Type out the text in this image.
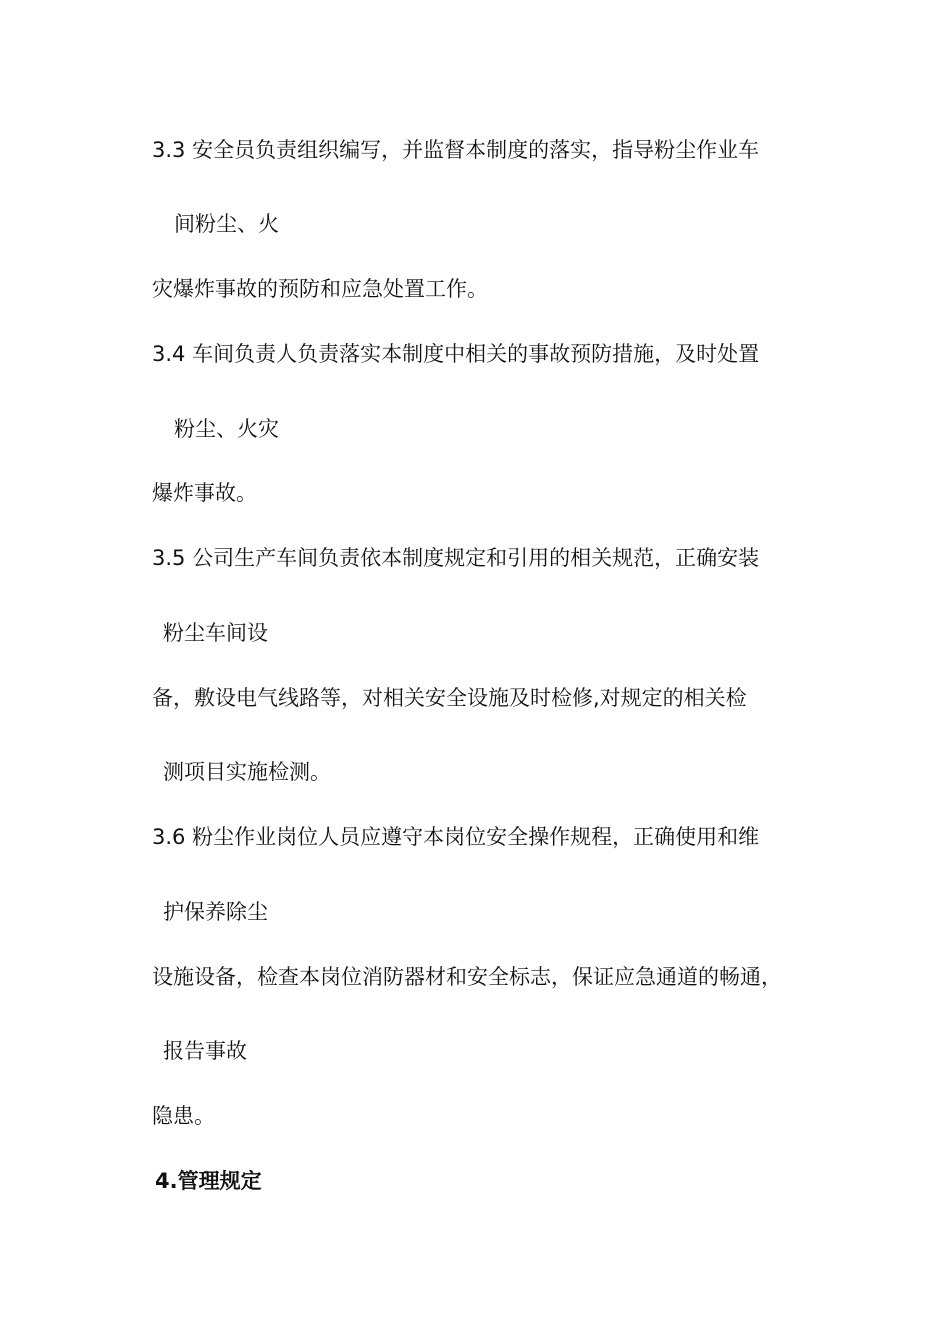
3.3 安全员负责组织编写，并监督本制度的落实，指导粉尘作业车
间粉尘、火
灾爆炸事故的预防和应急处置工作。
3.4 车间负责人负责落实本制度中相关的事故预防措施，及时处置
粉尘、火灾
爆炸事故。
3.5 公司生产车间负责依本制度规定和引用的相关规范，正确安装
粉尘车间设
备，敷设电气线路等，对相关安全设施及时检修,对规定的相关检
测项目实施检测。
3.6 粉尘作业岗位人员应遵守本岗位安全操作规程，正确使用和维
护保养除尘
设施设备，检查本岗位消防器材和安全标志，保证应急通道的畅通，
报告事故
隐患。
4.管理规定
